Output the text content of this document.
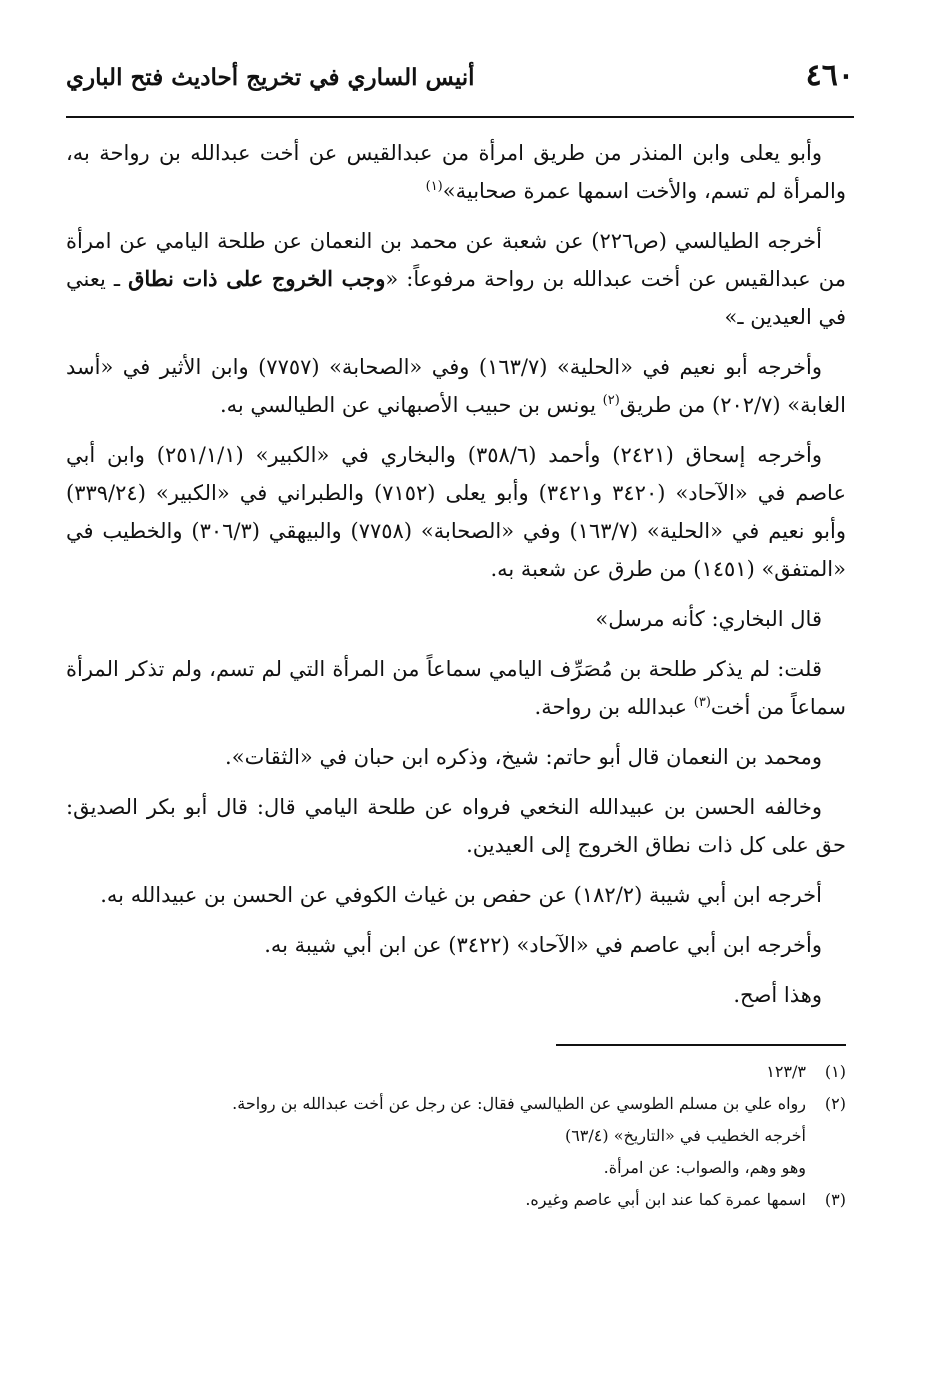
٤٦٠
أنيس الساري في تخريج أحاديث فتح الباري

وأبو يعلى وابن المنذر من طريق امرأة من عبدالقيس عن أخت عبدالله بن رواحة به، والمرأة لم تسم، والأخت اسمها عمرة صحابية»$^{(١)}$

أخرجه الطيالسي (ص٢٢٦) عن شعبة عن محمد بن النعمان عن طلحة اليامي عن امرأة من عبدالقيس عن أخت عبدالله بن رواحة مرفوعاً: «وجب الخروج على ذات نطاق ـ يعني في العيدين ـ»

وأخرجه أبو نعيم في «الحلية» (١٦٣/٧) وفي «الصحابة» (٧٧٥٧) وابن الأثير في «أسد الغابة» (٢٠٢/٧) من طريق$^{(٢)}$ يونس بن حبيب الأصبهاني عن الطيالسي به.

وأخرجه إسحاق (٢٤٢١) وأحمد (٣٥٨/٦) والبخاري في «الكبير» (٢٥١/١/١) وابن أبي عاصم في «الآحاد» (٣٤٢٠ و٣٤٢١) وأبو يعلى (٧١٥٢) والطبراني في «الكبير» (٣٣٩/٢٤) وأبو نعيم في «الحلية» (١٦٣/٧) وفي «الصحابة» (٧٧٥٨) والبيهقي (٣٠٦/٣) والخطيب في «المتفق» (١٤٥١) من طرق عن شعبة به.

قال البخاري: كأنه مرسل»

قلت: لم يذكر طلحة بن مُصَرِّف اليامي سماعاً من المرأة التي لم تسم، ولم تذكر المرأة سماعاً من أخت$^{(٣)}$ عبدالله بن رواحة.

ومحمد بن النعمان قال أبو حاتم: شيخ، وذكره ابن حبان في «الثقات».

وخالفه الحسن بن عبيدالله النخعي فرواه عن طلحة اليامي قال: قال أبو بكر الصديق: حق على كل ذات نطاق الخروج إلى العيدين.

أخرجه ابن أبي شيبة (١٨٢/٢) عن حفص بن غياث الكوفي عن الحسن بن عبيدالله به.

وأخرجه ابن أبي عاصم في «الآحاد» (٣٤٢٢) عن ابن أبي شيبة به.

وهذا أصح.

(١)
١٢٣/٣
(٢)
رواه علي بن مسلم الطوسي عن الطيالسي فقال: عن رجل عن أخت عبدالله بن رواحة.
أخرجه الخطيب في «التاريخ» (٦٣/٤)
وهو وهم، والصواب: عن امرأة.
(٣)
اسمها عمرة كما عند ابن أبي عاصم وغيره.
